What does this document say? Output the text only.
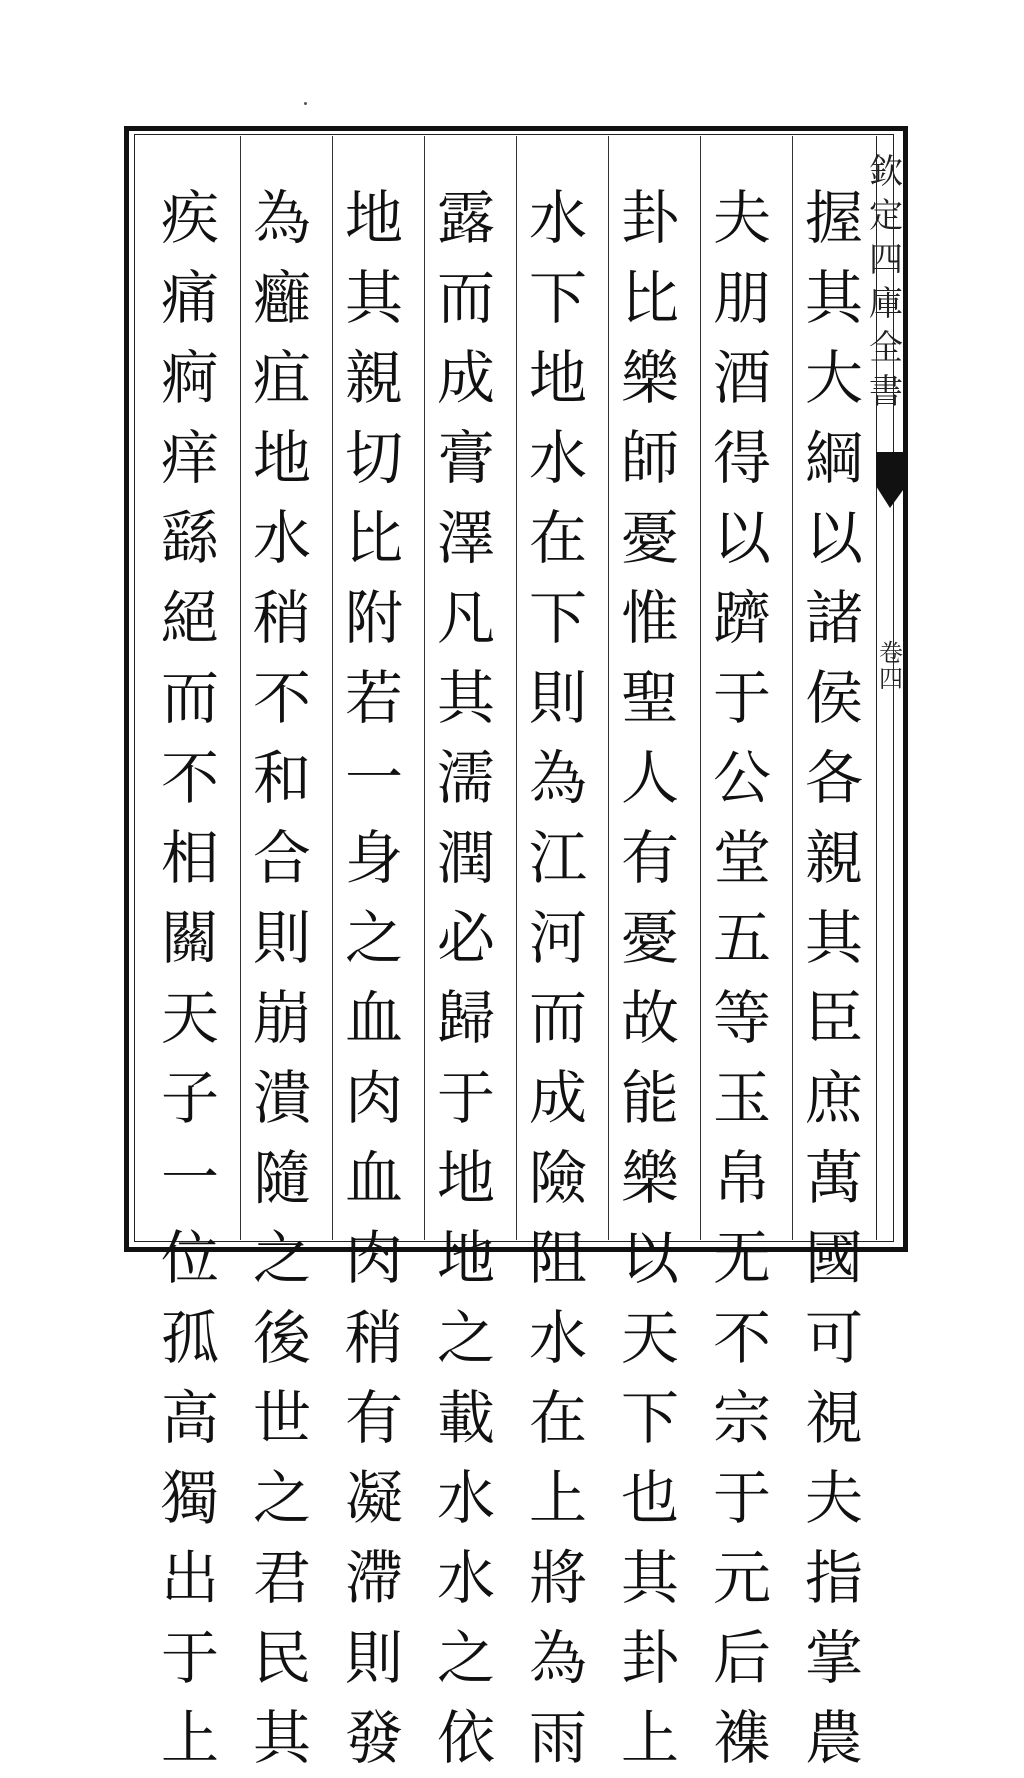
欽
定
四
庫
全
書
卷
四
握
其
大
綱
以
諸
侯
各
親
其
臣
庶
萬
國
可
視
夫
指
掌
農
夫
朋
酒
得
以
躋
于
公
堂
五
等
玉
帛
无
不
宗
于
元
后
襍
卦
比
樂
師
憂
惟
聖
人
有
憂
故
能
樂
以
天
下
也
其
卦
上
水
下
地
水
在
下
則
為
江
河
而
成
險
阻
水
在
上
將
為
雨
露
而
成
膏
澤
凡
其
濡
潤
必
歸
于
地
地
之
載
水
水
之
依
地
其
親
切
比
附
若
一
身
之
血
肉
血
肉
稍
有
凝
滯
則
發
為
癰
疽
地
水
稍
不
和
合
則
崩
潰
隨
之
後
世
之
君
民
其
疾
痛
痾
痒
繇
絕
而
不
相
關
天
子
一
位
孤
高
獨
出
于
上
